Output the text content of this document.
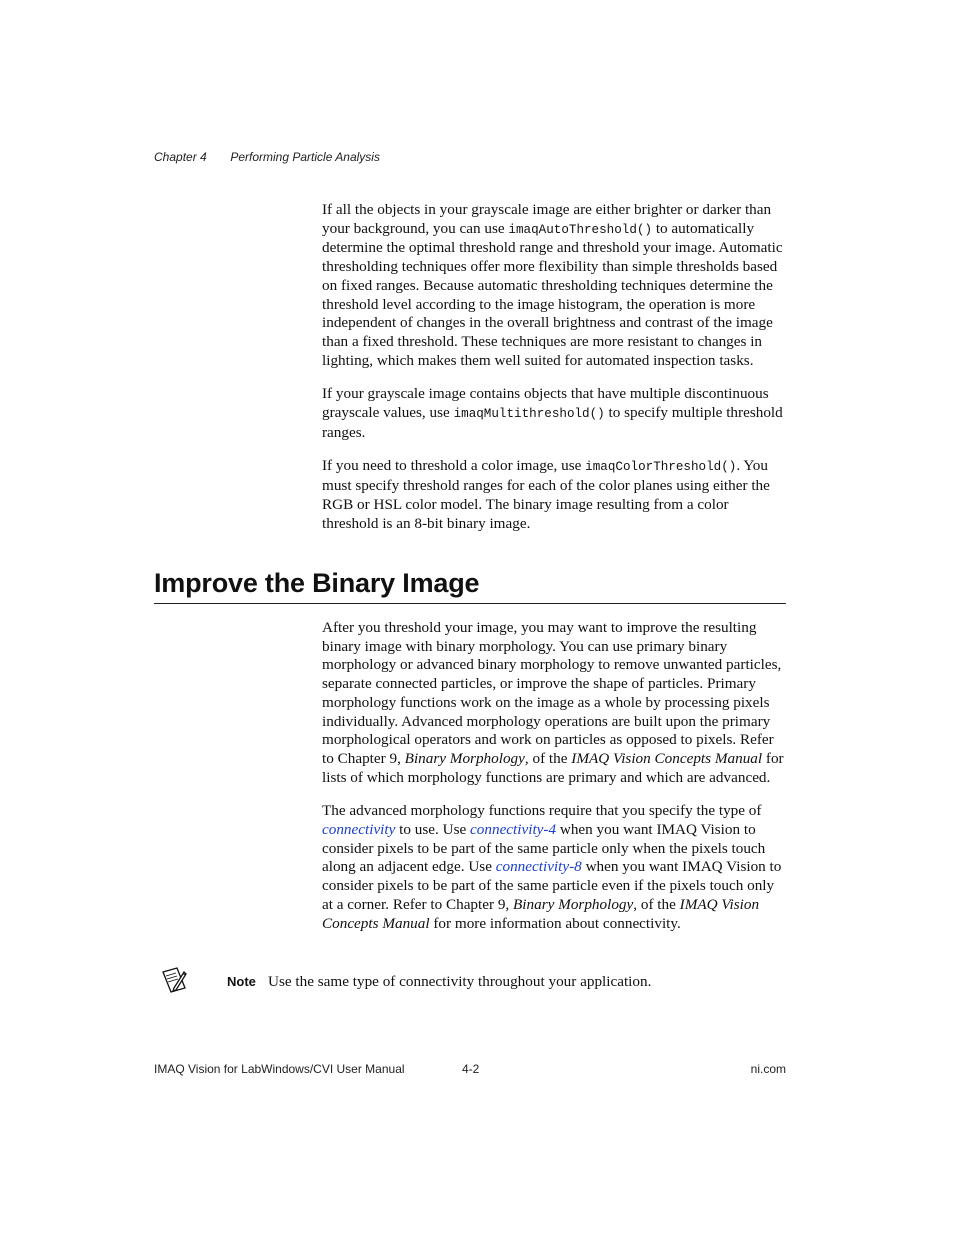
Chapter 4 Performing Particle Analysis

If all the objects in your grayscale image are either brighter or darker than your background, you can use imaqAutoThreshold() to automatically determine the optimal threshold range and threshold your image. Automatic thresholding techniques offer more flexibility than simple thresholds based on fixed ranges. Because automatic thresholding techniques determine the threshold level according to the image histogram, the operation is more independent of changes in the overall brightness and contrast of the image than a fixed threshold. These techniques are more resistant to changes in lighting, which makes them well suited for automated inspection tasks.

If your grayscale image contains objects that have multiple discontinuous grayscale values, use imaqMultithreshold() to specify multiple threshold ranges.

If you need to threshold a color image, use imaqColorThreshold(). You must specify threshold ranges for each of the color planes using either the RGB or HSL color model. The binary image resulting from a color threshold is an 8-bit binary image.

Improve the Binary Image

After you threshold your image, you may want to improve the resulting binary image with binary morphology. You can use primary binary morphology or advanced binary morphology to remove unwanted particles, separate connected particles, or improve the shape of particles. Primary morphology functions work on the image as a whole by processing pixels individually. Advanced morphology operations are built upon the primary morphological operators and work on particles as opposed to pixels. Refer to Chapter 9, Binary Morphology, of the IMAQ Vision Concepts Manual for lists of which morphology functions are primary and which are advanced.

The advanced morphology functions require that you specify the type of connectivity to use. Use connectivity-4 when you want IMAQ Vision to consider pixels to be part of the same particle only when the pixels touch along an adjacent edge. Use connectivity-8 when you want IMAQ Vision to consider pixels to be part of the same particle even if the pixels touch only at a corner. Refer to Chapter 9, Binary Morphology, of the IMAQ Vision Concepts Manual for more information about connectivity.

Note Use the same type of connectivity throughout your application.
IMAQ Vision for LabWindows/CVI User Manual	4-2	ni.com
